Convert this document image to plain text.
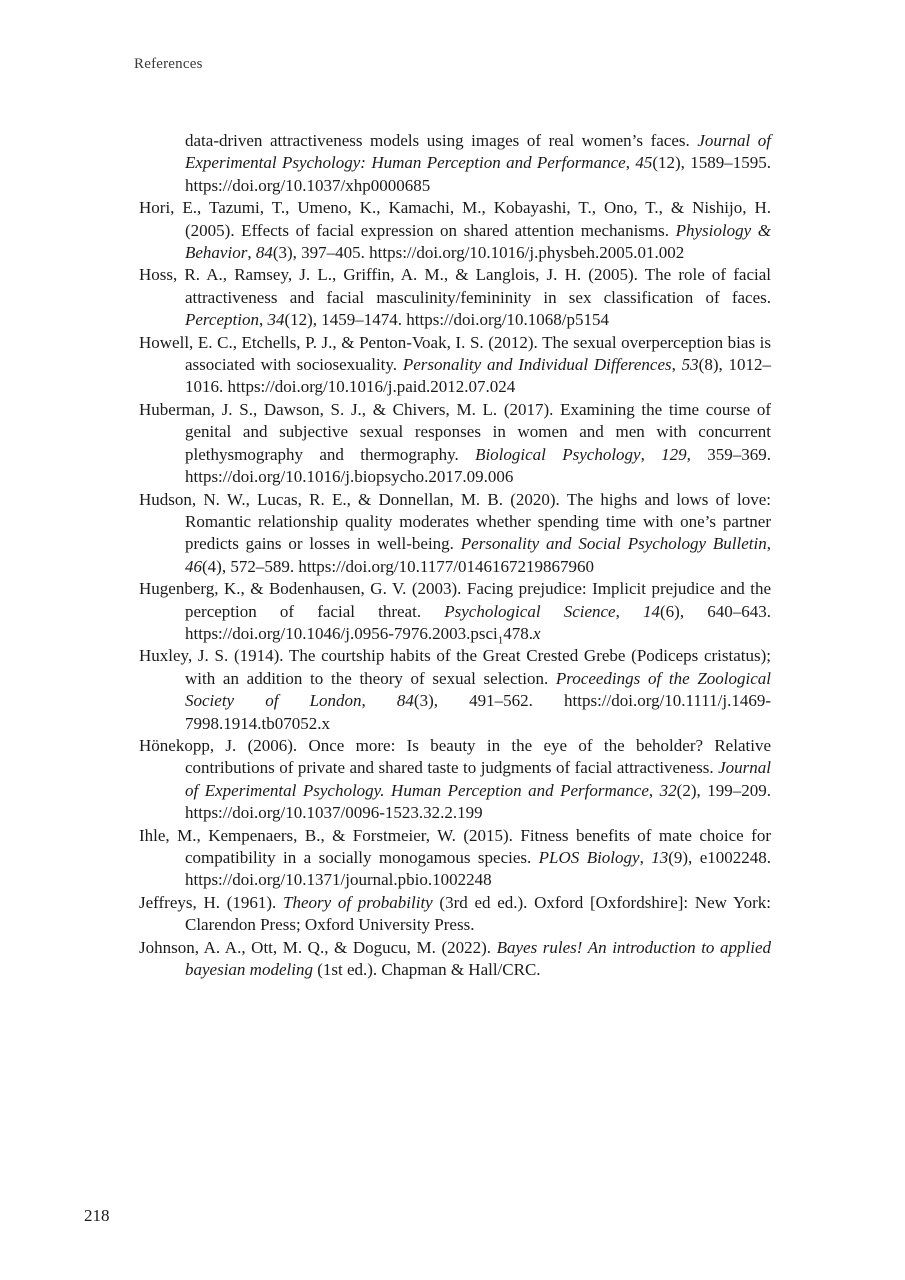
References

data-driven attractiveness models using images of real women’s faces. Journal of Experimental Psychology: Human Perception and Performance, 45(12), 1589–1595. https://doi.org/10.1037/xhp0000685

Hori, E., Tazumi, T., Umeno, K., Kamachi, M., Kobayashi, T., Ono, T., & Nishijo, H. (2005). Effects of facial expression on shared attention mechanisms. Physiology & Behavior, 84(3), 397–405. https://doi.org/10.1016/j.physbeh.2005.01.002

Hoss, R. A., Ramsey, J. L., Griffin, A. M., & Langlois, J. H. (2005). The role of facial attractiveness and facial masculinity/femininity in sex classification of faces. Perception, 34(12), 1459–1474. https://doi.org/10.1068/p5154

Howell, E. C., Etchells, P. J., & Penton-Voak, I. S. (2012). The sexual overperception bias is associated with sociosexuality. Personality and Individual Differences, 53(8), 1012–1016. https://doi.org/10.1016/j.paid.2012.07.024

Huberman, J. S., Dawson, S. J., & Chivers, M. L. (2017). Examining the time course of genital and subjective sexual responses in women and men with concurrent plethysmography and thermography. Biological Psychology, 129, 359–369. https://doi.org/10.1016/j.biopsycho.2017.09.006

Hudson, N. W., Lucas, R. E., & Donnellan, M. B. (2020). The highs and lows of love: Romantic relationship quality moderates whether spending time with one’s partner predicts gains or losses in well-being. Personality and Social Psychology Bulletin, 46(4), 572–589. https://doi.org/10.1177/0146167219867960

Hugenberg, K., & Bodenhausen, G. V. (2003). Facing prejudice: Implicit prejudice and the perception of facial threat. Psychological Science, 14(6), 640–643. https://doi.org/10.1046/j.0956-7976.2003.psci$_1$478.x

Huxley, J. S. (1914). The courtship habits of the Great Crested Grebe (Podiceps cristatus); with an addition to the theory of sexual selection. Proceedings of the Zoological Society of London, 84(3), 491–562. https://doi.org/10.1111/j.1469-7998.1914.tb07052.x

Hönekopp, J. (2006). Once more: Is beauty in the eye of the beholder? Relative contributions of private and shared taste to judgments of facial attractiveness. Journal of Experimental Psychology. Human Perception and Performance, 32(2), 199–209. https://doi.org/10.1037/0096-1523.32.2.199

Ihle, M., Kempenaers, B., & Forstmeier, W. (2015). Fitness benefits of mate choice for compatibility in a socially monogamous species. PLOS Biology, 13(9), e1002248. https://doi.org/10.1371/journal.pbio.1002248

Jeffreys, H. (1961). Theory of probability (3rd ed ed.). Oxford [Oxfordshire]: New York: Clarendon Press; Oxford University Press.

Johnson, A. A., Ott, M. Q., & Dogucu, M. (2022). Bayes rules! An introduction to applied bayesian modeling (1st ed.). Chapman & Hall/CRC.

218
